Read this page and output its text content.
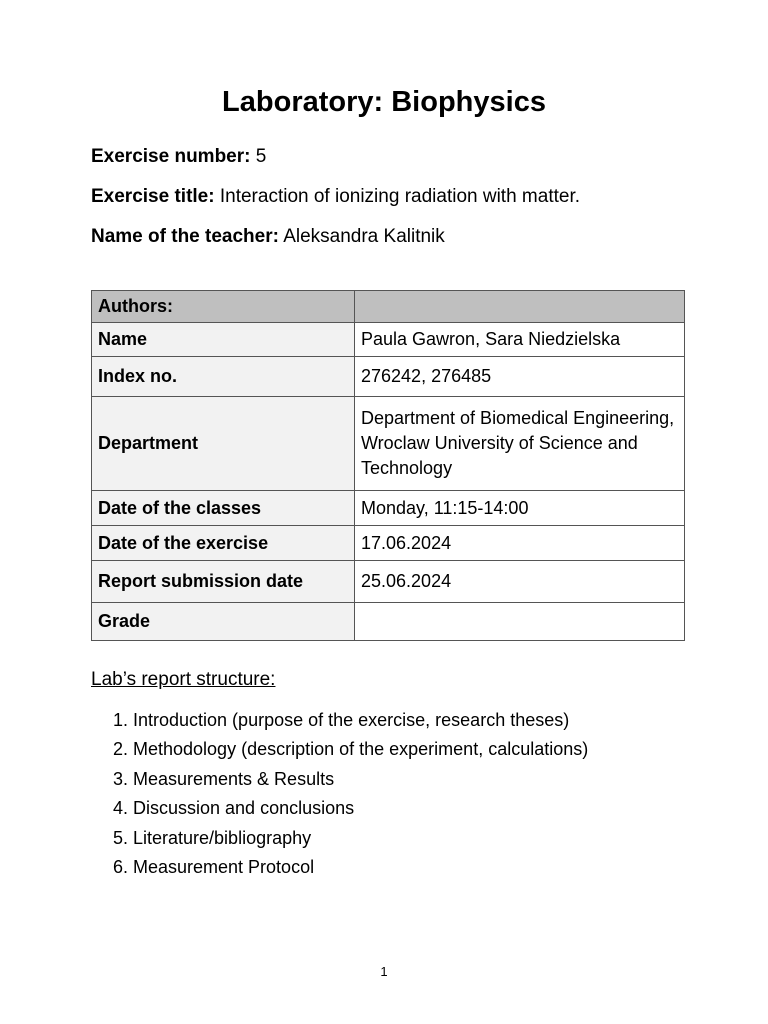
Laboratory: Biophysics
Exercise number: 5
Exercise title: Interaction of ionizing radiation with matter.
Name of the teacher: Aleksandra Kalitnik
Authors:	
Name	Paula Gawron, Sara Niedzielska
Index no.	276242, 276485
Department	Department of Biomedical Engineering, Wroclaw University of Science and Technology
Date of the classes	Monday, 11:15-14:00
Date of the exercise	17.06.2024
Report submission date	25.06.2024
Grade	
Lab’s report structure:
1. Introduction (purpose of the exercise, research theses)
2. Methodology (description of the experiment, calculations)
3. Measurements & Results
4. Discussion and conclusions
5. Literature/bibliography
6. Measurement Protocol
1
